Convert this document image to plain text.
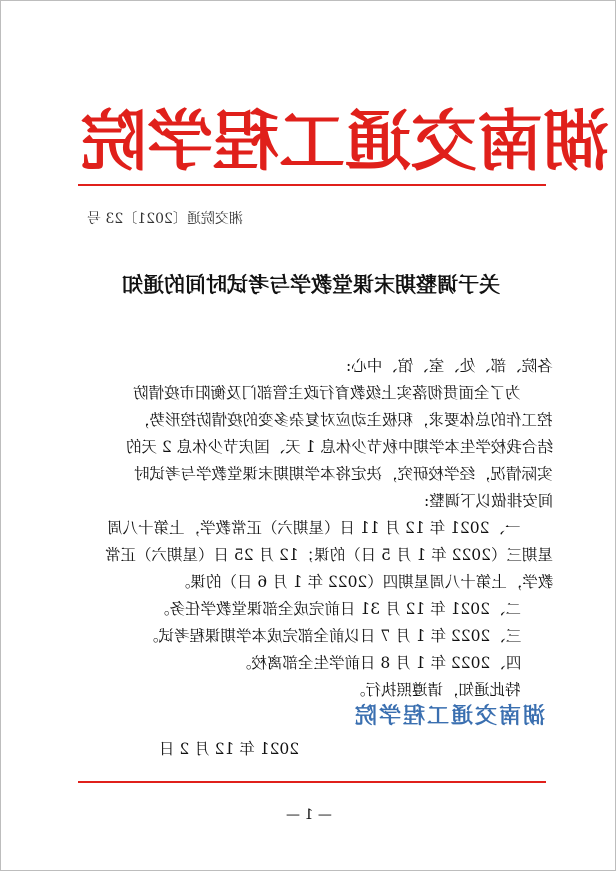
院 学 程 工 通 交 南 湖
湘交院通〔2021〕23 号
关于调整期末课堂教学与考试时间的通知
各院、部、处、室、馆、中心:
为了全面贯彻落实上级教育行政主管部门及衡阳市疫情防
控工作的总体要求，积极主动应对复杂多变的疫情防控形势，
结合我校学生本学期中秋节少休息 1 天、国庆节少休息 2 天的
实际情况，经学校研究，决定将本学期期末课堂教学与考试时
间安排做以下调整:
一、2021 年 12 月 11 日（星期六）正常教学，上第十八周
星期三（2022 年 1 月 5 日）的课；12 月 25 日（星期六）正常
教学，上第十八周星期四（2022 年 1 月 6 日）的课。
二、2021 年 12 月 31 日前完成全部课堂教学任务。
三、2022 年 1 月 7 日以前全部完成本学期课程考试。
四、2022 年 1 月 8 日前学生全部离校。
特此通知，请遵照执行。
湖南交通工程学院
2021 年 12 月 2 日
— 1 —
